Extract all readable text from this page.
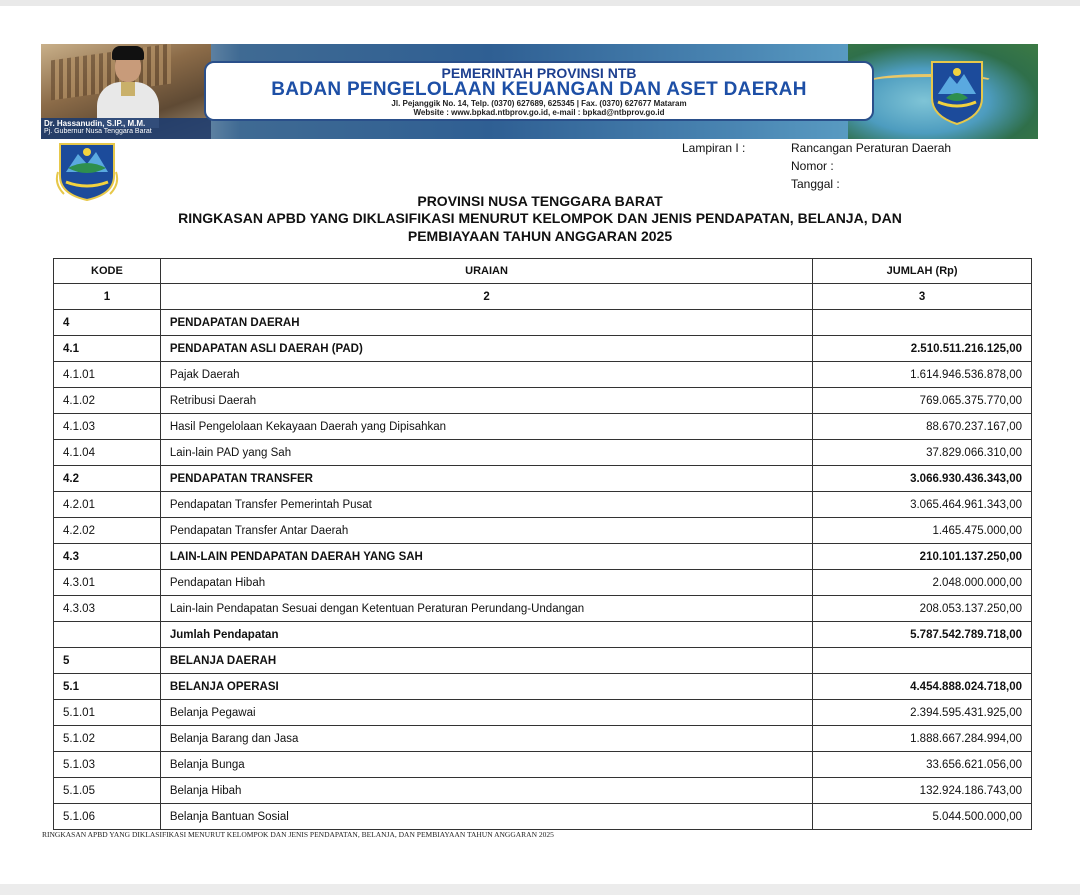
Dr. Hassanudin, S.IP., M.M.
Pj. Gubernur Nusa Tenggara Barat
PEMERINTAH PROVINSI NTB
BADAN PENGELOLAAN KEUANGAN DAN ASET DAERAH
Jl. Pejanggik No. 14, Telp. (0370) 627689, 625345 | Fax. (0370) 627677 Mataram
Website : www.bpkad.ntbprov.go.id, e-mail : bpkad@ntbprov.go.id
Lampiran I :	Rancangan Peraturan Daerah
Nomor :
Tanggal :
PROVINSI NUSA TENGGARA BARAT
RINGKASAN APBD YANG DIKLASIFIKASI MENURUT KELOMPOK DAN JENIS PENDAPATAN, BELANJA, DAN
PEMBIAYAAN TAHUN ANGGARAN 2025
KODE	URAIAN	JUMLAH (Rp)
1	2	3
4	PENDAPATAN DAERAH	
4.1	PENDAPATAN ASLI DAERAH (PAD)	2.510.511.216.125,00
4.1.01	Pajak Daerah	1.614.946.536.878,00
4.1.02	Retribusi Daerah	769.065.375.770,00
4.1.03	Hasil Pengelolaan Kekayaan Daerah yang Dipisahkan	88.670.237.167,00
4.1.04	Lain-lain PAD yang Sah	37.829.066.310,00
4.2	PENDAPATAN TRANSFER	3.066.930.436.343,00
4.2.01	Pendapatan Transfer Pemerintah Pusat	3.065.464.961.343,00
4.2.02	Pendapatan Transfer Antar Daerah	1.465.475.000,00
4.3	LAIN-LAIN PENDAPATAN DAERAH YANG SAH	210.101.137.250,00
4.3.01	Pendapatan Hibah	2.048.000.000,00
4.3.03	Lain-lain Pendapatan Sesuai dengan Ketentuan Peraturan Perundang-Undangan	208.053.137.250,00
	Jumlah Pendapatan	5.787.542.789.718,00
5	BELANJA DAERAH	
5.1	BELANJA OPERASI	4.454.888.024.718,00
5.1.01	Belanja Pegawai	2.394.595.431.925,00
5.1.02	Belanja Barang dan Jasa	1.888.667.284.994,00
5.1.03	Belanja Bunga	33.656.621.056,00
5.1.05	Belanja Hibah	132.924.186.743,00
5.1.06	Belanja Bantuan Sosial	5.044.500.000,00
RINGKASAN APBD YANG DIKLASIFIKASI MENURUT KELOMPOK DAN JENIS PENDAPATAN, BELANJA, DAN PEMBIAYAAN TAHUN ANGGARAN 2025
